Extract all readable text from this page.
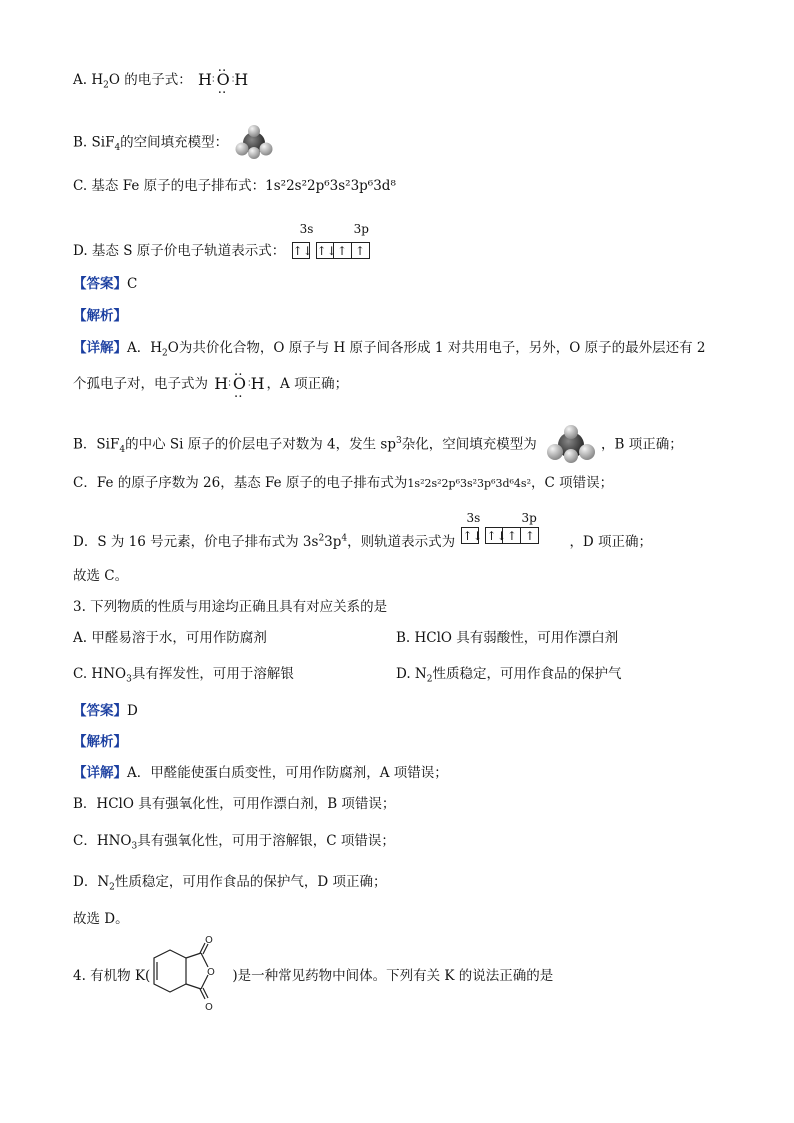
A. $H_2O$ 的电子式： H∶ ‥ O ‥ ∶H
B. SiF$_4$的空间填充模型：
C. 基态 Fe 原子的电子排布式：1s²2s²2p⁶3s²3p⁶3d⁸
D. 基态 S 原子价电子轨道表示式：
3s	3p
↑↓ ↑↓↑ ↑
【答案】C
【解析】
【详解】A．$H_2O$为共价化合物，O 原子与 H 原子间各形成 1 对共用电子，另外，O 原子的最外层还有 2
个孤电子对，电子式为 H∶ ‥ O ‥ ∶H ，A 项正确；
B．SiF$_4$的中心 Si 原子的价层电子对数为 4，发生 $sp^3$杂化，空间填充模型为	，B 项正确；
C．Fe 的原子序数为 26，基态 Fe 原子的电子排布式为1s²2s²2p⁶3s²3p⁶3d⁶4s²，C 项错误；
D．S 为 16 号元素，价电子排布式为 $3s^23p^4$，则轨道表示式为
3s	3p
↑↓ ↑↓↑ ↑	，D 项正确；
故选 C。
3. 下列物质的性质与用途均正确且具有对应关系的是
A. 甲醛易溶于水，可用作防腐剂	B. HClO 具有弱酸性，可用作漂白剂
C. $HNO_3$具有挥发性，可用于溶解银	D. $N_2$性质稳定，可用作食品的保护气
【答案】D
【解析】
【详解】A．甲醛能使蛋白质变性，可用作防腐剂，A 项错误；
B．HClO 具有强氧化性，可用作漂白剂，B 项错误；
C．$HNO_3$具有强氧化性，可用于溶解银，C 项错误；
D．$N_2$性质稳定，可用作食品的保护气，D 项正确；
故选 D。
4. 有机物 K(	)是一种常见药物中间体。下列有关 K 的说法正确的是
O
O
O
